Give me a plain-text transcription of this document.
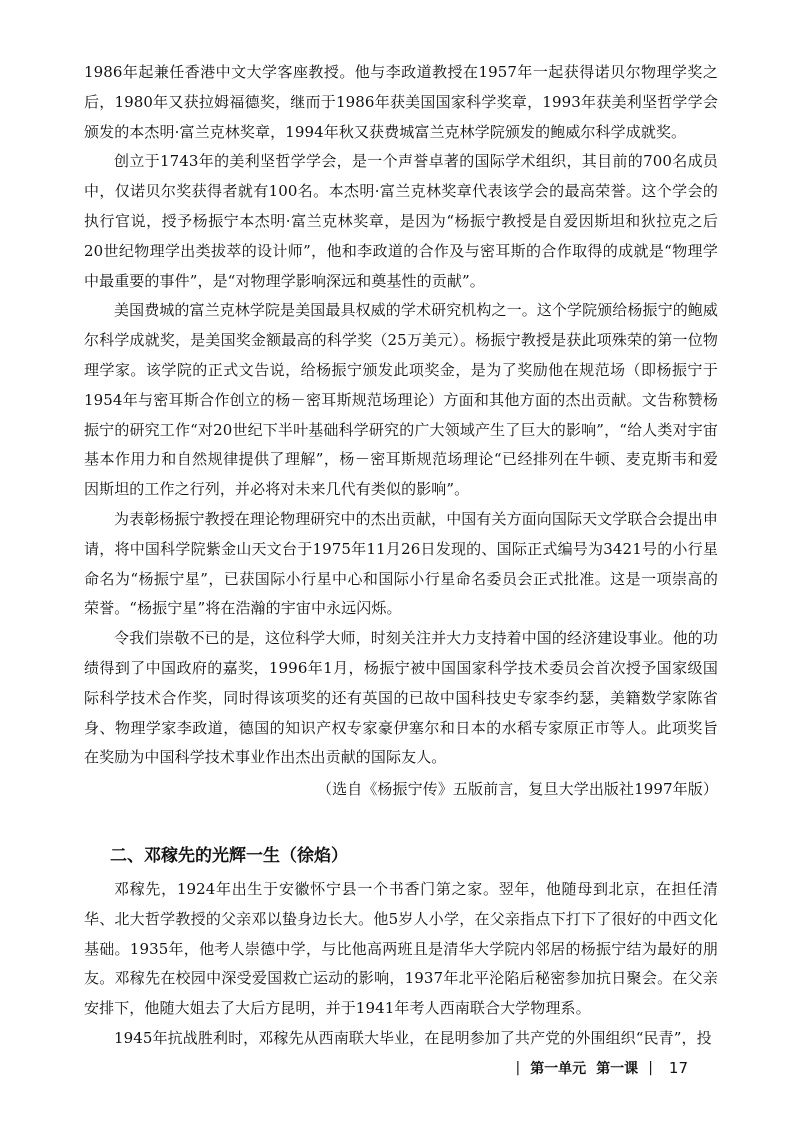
1986年起兼任香港中文大学客座教授。他与李政道教授在1957年一起获得诺贝尔物理学奖之后，1980年又获拉姆福德奖，继而于1986年获美国国家科学奖章，1993年获美利坚哲学学会颁发的本杰明·富兰克林奖章，1994年秋又获费城富兰克林学院颁发的鲍威尔科学成就奖。

创立于1743年的美利坚哲学学会，是一个声誉卓著的国际学术组织，其目前的700名成员中，仅诺贝尔奖获得者就有100名。本杰明·富兰克林奖章代表该学会的最高荣誉。这个学会的执行官说，授予杨振宁本杰明·富兰克林奖章，是因为“杨振宁教授是自爱因斯坦和狄拉克之后20世纪物理学出类拔萃的设计师”，他和李政道的合作及与密耳斯的合作取得的成就是“物理学中最重要的事件”，是“对物理学影响深远和奠基性的贡献”。

美国费城的富兰克林学院是美国最具权威的学术研究机构之一。这个学院颁给杨振宁的鲍威尔科学成就奖，是美国奖金额最高的科学奖（25万美元）。杨振宁教授是获此项殊荣的第一位物理学家。该学院的正式文告说，给杨振宁颁发此项奖金，是为了奖励他在规范场（即杨振宁于1954年与密耳斯合作创立的杨－密耳斯规范场理论）方面和其他方面的杰出贡献。文告称赞杨振宁的研究工作“对20世纪下半叶基础科学研究的广大领域产生了巨大的影响”，“给人类对宇宙基本作用力和自然规律提供了理解”，杨－密耳斯规范场理论“已经排列在牛顿、麦克斯韦和爱因斯坦的工作之行列，并必将对未来几代有类似的影响”。

为表彰杨振宁教授在理论物理研究中的杰出贡献，中国有关方面向国际天文学联合会提出申请，将中国科学院紫金山天文台于1975年11月26日发现的、国际正式编号为3421号的小行星命名为“杨振宁星”，已获国际小行星中心和国际小行星命名委员会正式批准。这是一项崇高的荣誉。“杨振宁星”将在浩瀚的宇宙中永远闪烁。

令我们崇敬不已的是，这位科学大师，时刻关注并大力支持着中国的经济建设事业。他的功绩得到了中国政府的嘉奖，1996年1月，杨振宁被中国国家科学技术委员会首次授予国家级国际科学技术合作奖，同时得该项奖的还有英国的已故中国科技史专家李约瑟，美籍数学家陈省身、物理学家李政道，德国的知识产权专家豪伊塞尔和日本的水稻专家原正市等人。此项奖旨在奖励为中国科学技术事业作出杰出贡献的国际友人。

（选自《杨振宁传》五版前言，复旦大学出版社1997年版）

二、邓稼先的光辉一生（徐焰）

邓稼先，1924年出生于安徽怀宁县一个书香门第之家。翌年，他随母到北京，在担任清华、北大哲学教授的父亲邓以蛰身边长大。他5岁人小学，在父亲指点下打下了很好的中西文化基础。1935年，他考人崇德中学，与比他高两班且是清华大学院内邻居的杨振宁结为最好的朋友。邓稼先在校园中深受爱国救亡运动的影响，1937年北平沦陷后秘密参加抗日聚会。在父亲安排下，他随大姐去了大后方昆明，并于1941年考人西南联合大学物理系。

1945年抗战胜利时，邓稼先从西南联大毕业，在昆明参加了共产党的外围组织“民青”，投

| 第一单元 第一课 | 17
